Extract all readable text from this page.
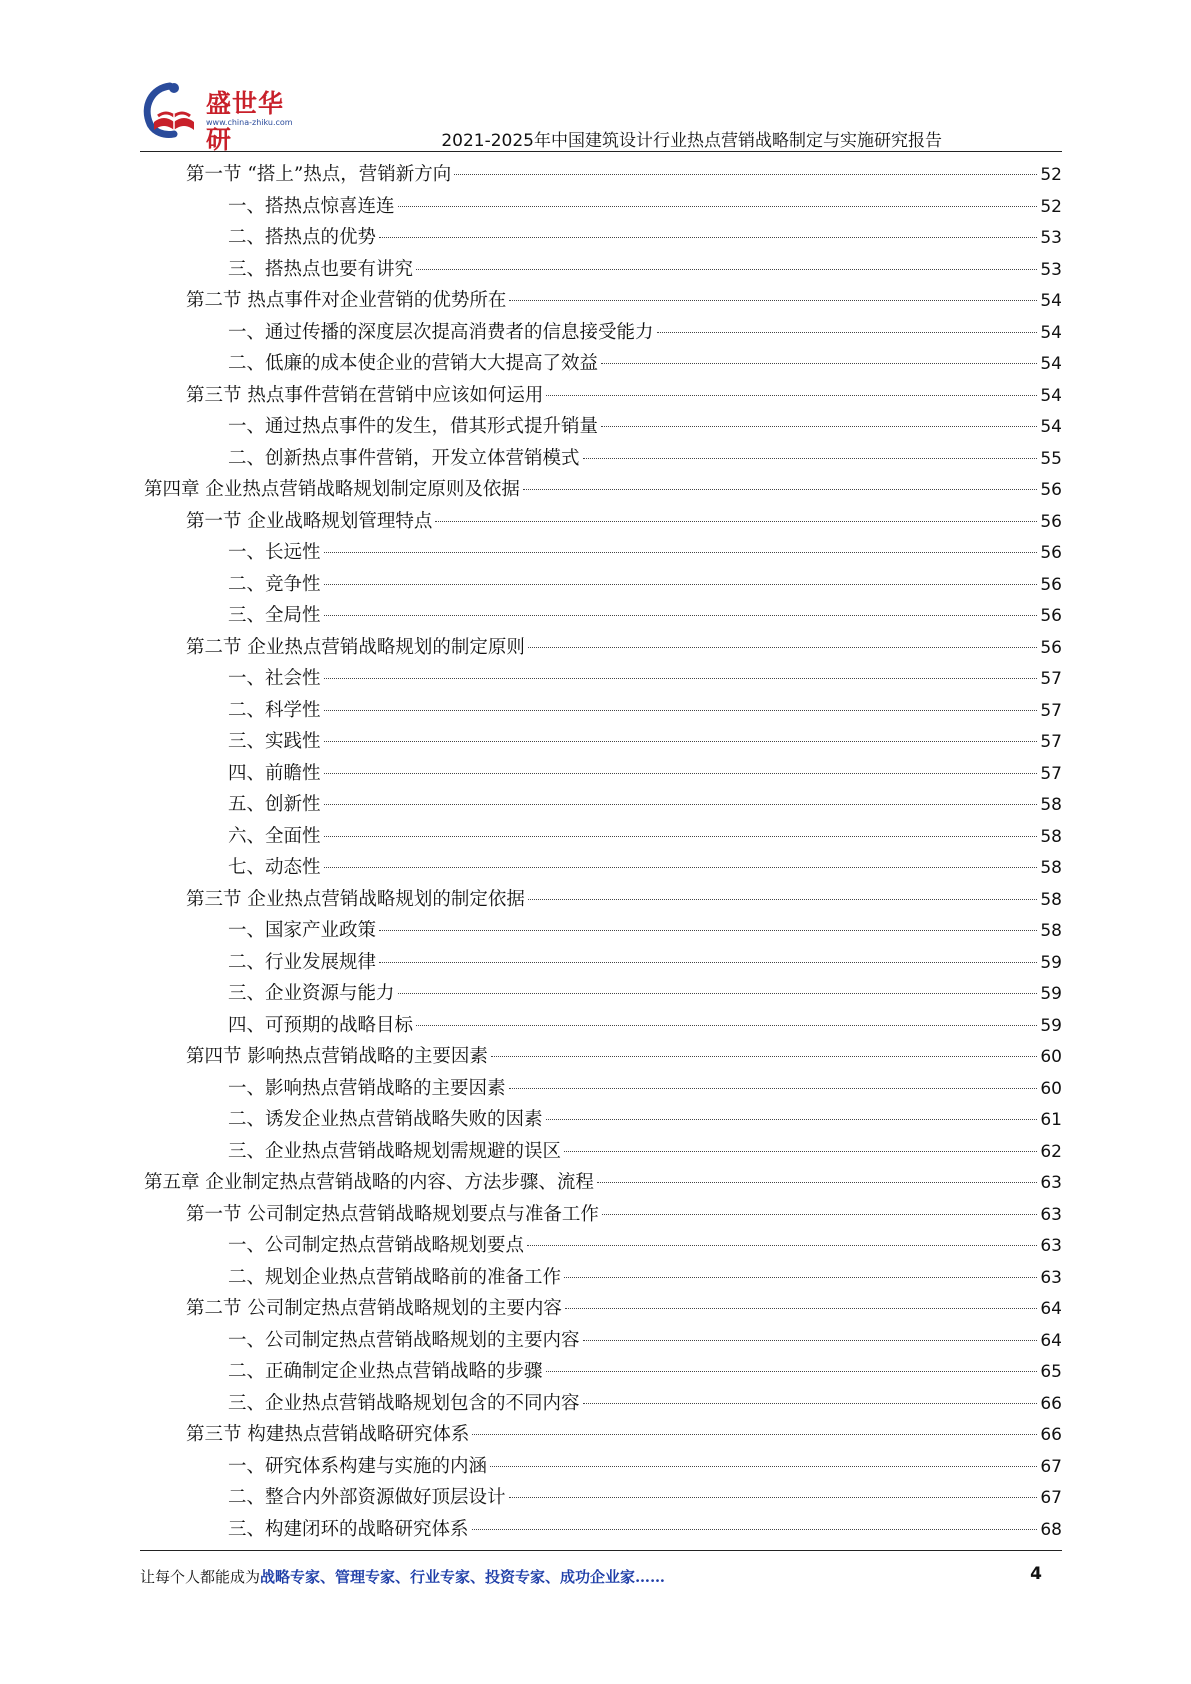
盛世华研
www.china-zhiku.com
2021-2025年中国建筑设计行业热点营销战略制定与实施研究报告
第一节 “搭上”热点，营销新方向	52
一、搭热点惊喜连连	52
二、搭热点的优势	53
三、搭热点也要有讲究	53
第二节 热点事件对企业营销的优势所在	54
一、通过传播的深度层次提高消费者的信息接受能力	54
二、低廉的成本使企业的营销大大提高了效益	54
第三节 热点事件营销在营销中应该如何运用	54
一、通过热点事件的发生，借其形式提升销量	54
二、创新热点事件营销，开发立体营销模式	55
第四章 企业热点营销战略规划制定原则及依据	56
第一节 企业战略规划管理特点	56
一、长远性	56
二、竞争性	56
三、全局性	56
第二节 企业热点营销战略规划的制定原则	56
一、社会性	57
二、科学性	57
三、实践性	57
四、前瞻性	57
五、创新性	58
六、全面性	58
七、动态性	58
第三节 企业热点营销战略规划的制定依据	58
一、国家产业政策	58
二、行业发展规律	59
三、企业资源与能力	59
四、可预期的战略目标	59
第四节 影响热点营销战略的主要因素	60
一、影响热点营销战略的主要因素	60
二、诱发企业热点营销战略失败的因素	61
三、企业热点营销战略规划需规避的误区	62
第五章 企业制定热点营销战略的内容、方法步骤、流程	63
第一节 公司制定热点营销战略规划要点与准备工作	63
一、公司制定热点营销战略规划要点	63
二、规划企业热点营销战略前的准备工作	63
第二节 公司制定热点营销战略规划的主要内容	64
一、公司制定热点营销战略规划的主要内容	64
二、正确制定企业热点营销战略的步骤	65
三、企业热点营销战略规划包含的不同内容	66
第三节 构建热点营销战略研究体系	66
一、研究体系构建与实施的内涵	67
二、整合内外部资源做好顶层设计	67
三、构建闭环的战略研究体系	68
让每个人都能成为战略专家、管理专家、行业专家、投资专家、成功企业家……	4
